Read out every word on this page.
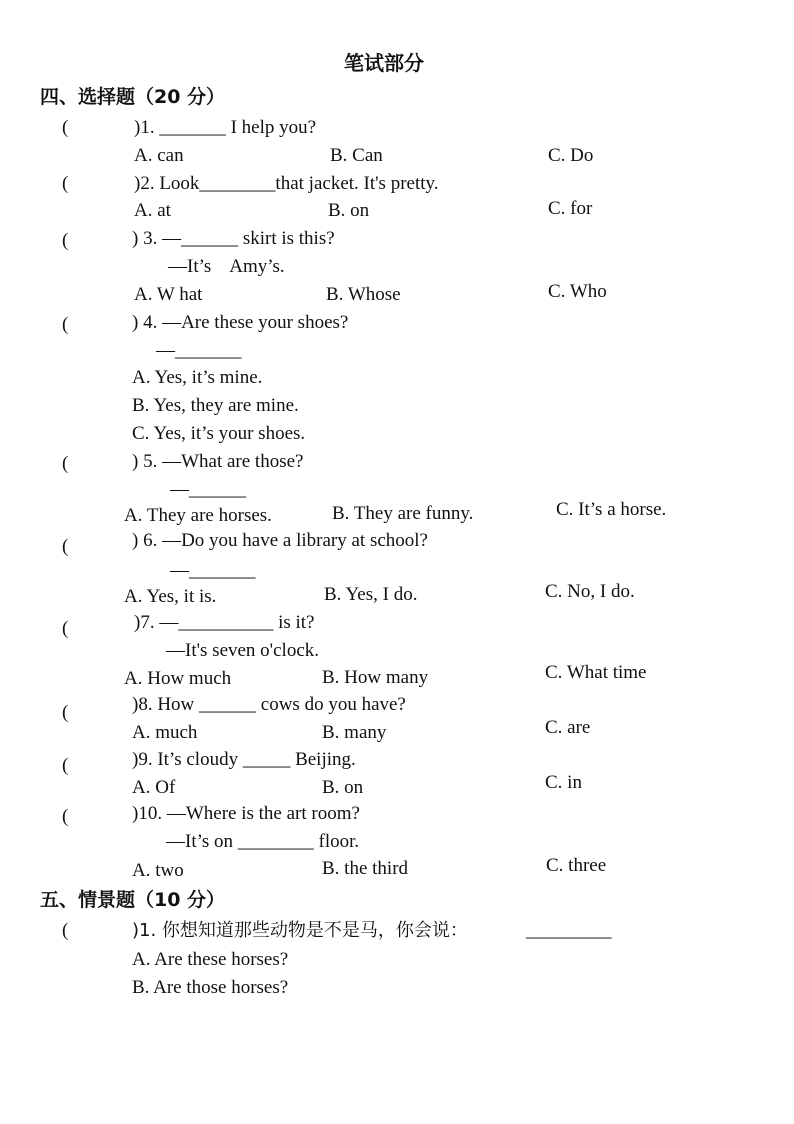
笔试部分
四、选择题（20 分）
(	)1. _______ I help you?
A. can	B. Can	C. Do
(	)2. Look________that jacket. It's pretty.
A. at	B. on	C. for
(	) 3. —______ skirt is this?
—It’s    Amy’s.
A. W hat	B. Whose	C. Who
(	) 4. —Are these your shoes?
—_______
A. Yes, it’s mine.
B. Yes, they are mine.
C. Yes, it’s your shoes.
(	) 5. —What are those?
—______
A. They are horses.	B. They are funny.	C. It’s a horse.
(	) 6. —Do you have a library at school?
—_______
A. Yes, it is.	B. Yes, I do.	C. No, I do.
(	)7. —__________ is it?
—It's seven o'clock.
A. How much	B. How many	C. What time
(	)8. How ______ cows do you have?
A. much	B. many	C. are
(	)9. It’s cloudy _____ Beijing.
A. Of	B. on	C. in
(	)10. —Where is the art room?
—It’s on ________ floor.
A. two	B. the third	C. three
五、情景题（10 分）
(	)1. 你想知道那些动物是不是马，你会说：	_________
A. Are these horses?
B. Are those horses?
